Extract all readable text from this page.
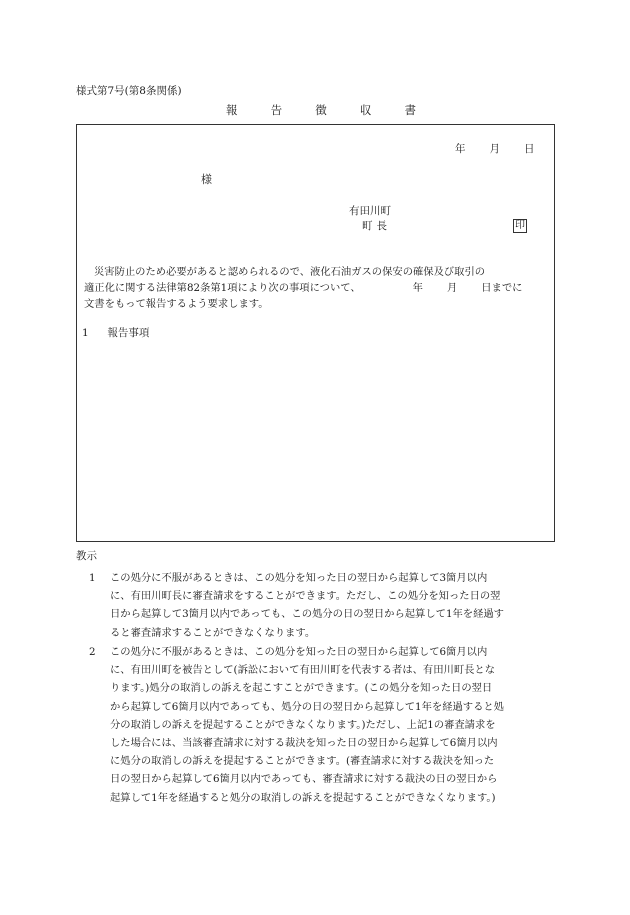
様式第7号(第8条関係)
報	告	徴	収	書
年 月 日
様
有田川町
町長	印
災害防止のため必要があると認められるので、液化石油ガスの保安の確保及び取引の
適正化に関する法律第82条第1項により次の事項について、	年 月 日までに
文書をもって報告するよう要求します。
1 報告事項
教示
1 この処分に不服があるときは、この処分を知った日の翌日から起算して3箇月以内
に、有田川町長に審査請求をすることができます。ただし、この処分を知った日の翌
日から起算して3箇月以内であっても、この処分の日の翌日から起算して1年を経過す
ると審査請求することができなくなります。
2 この処分に不服があるときは、この処分を知った日の翌日から起算して6箇月以内
に、有田川町を被告として(訴訟において有田川町を代表する者は、有田川町長とな
ります。)処分の取消しの訴えを起こすことができます。(この処分を知った日の翌日
から起算して6箇月以内であっても、処分の日の翌日から起算して1年を経過すると処
分の取消しの訴えを提起することができなくなります。)ただし、上記1の審査請求を
した場合には、当該審査請求に対する裁決を知った日の翌日から起算して6箇月以内
に処分の取消しの訴えを提起することができます。(審査請求に対する裁決を知った
日の翌日から起算して6箇月以内であっても、審査請求に対する裁決の日の翌日から
起算して1年を経過すると処分の取消しの訴えを提起することができなくなります。)
